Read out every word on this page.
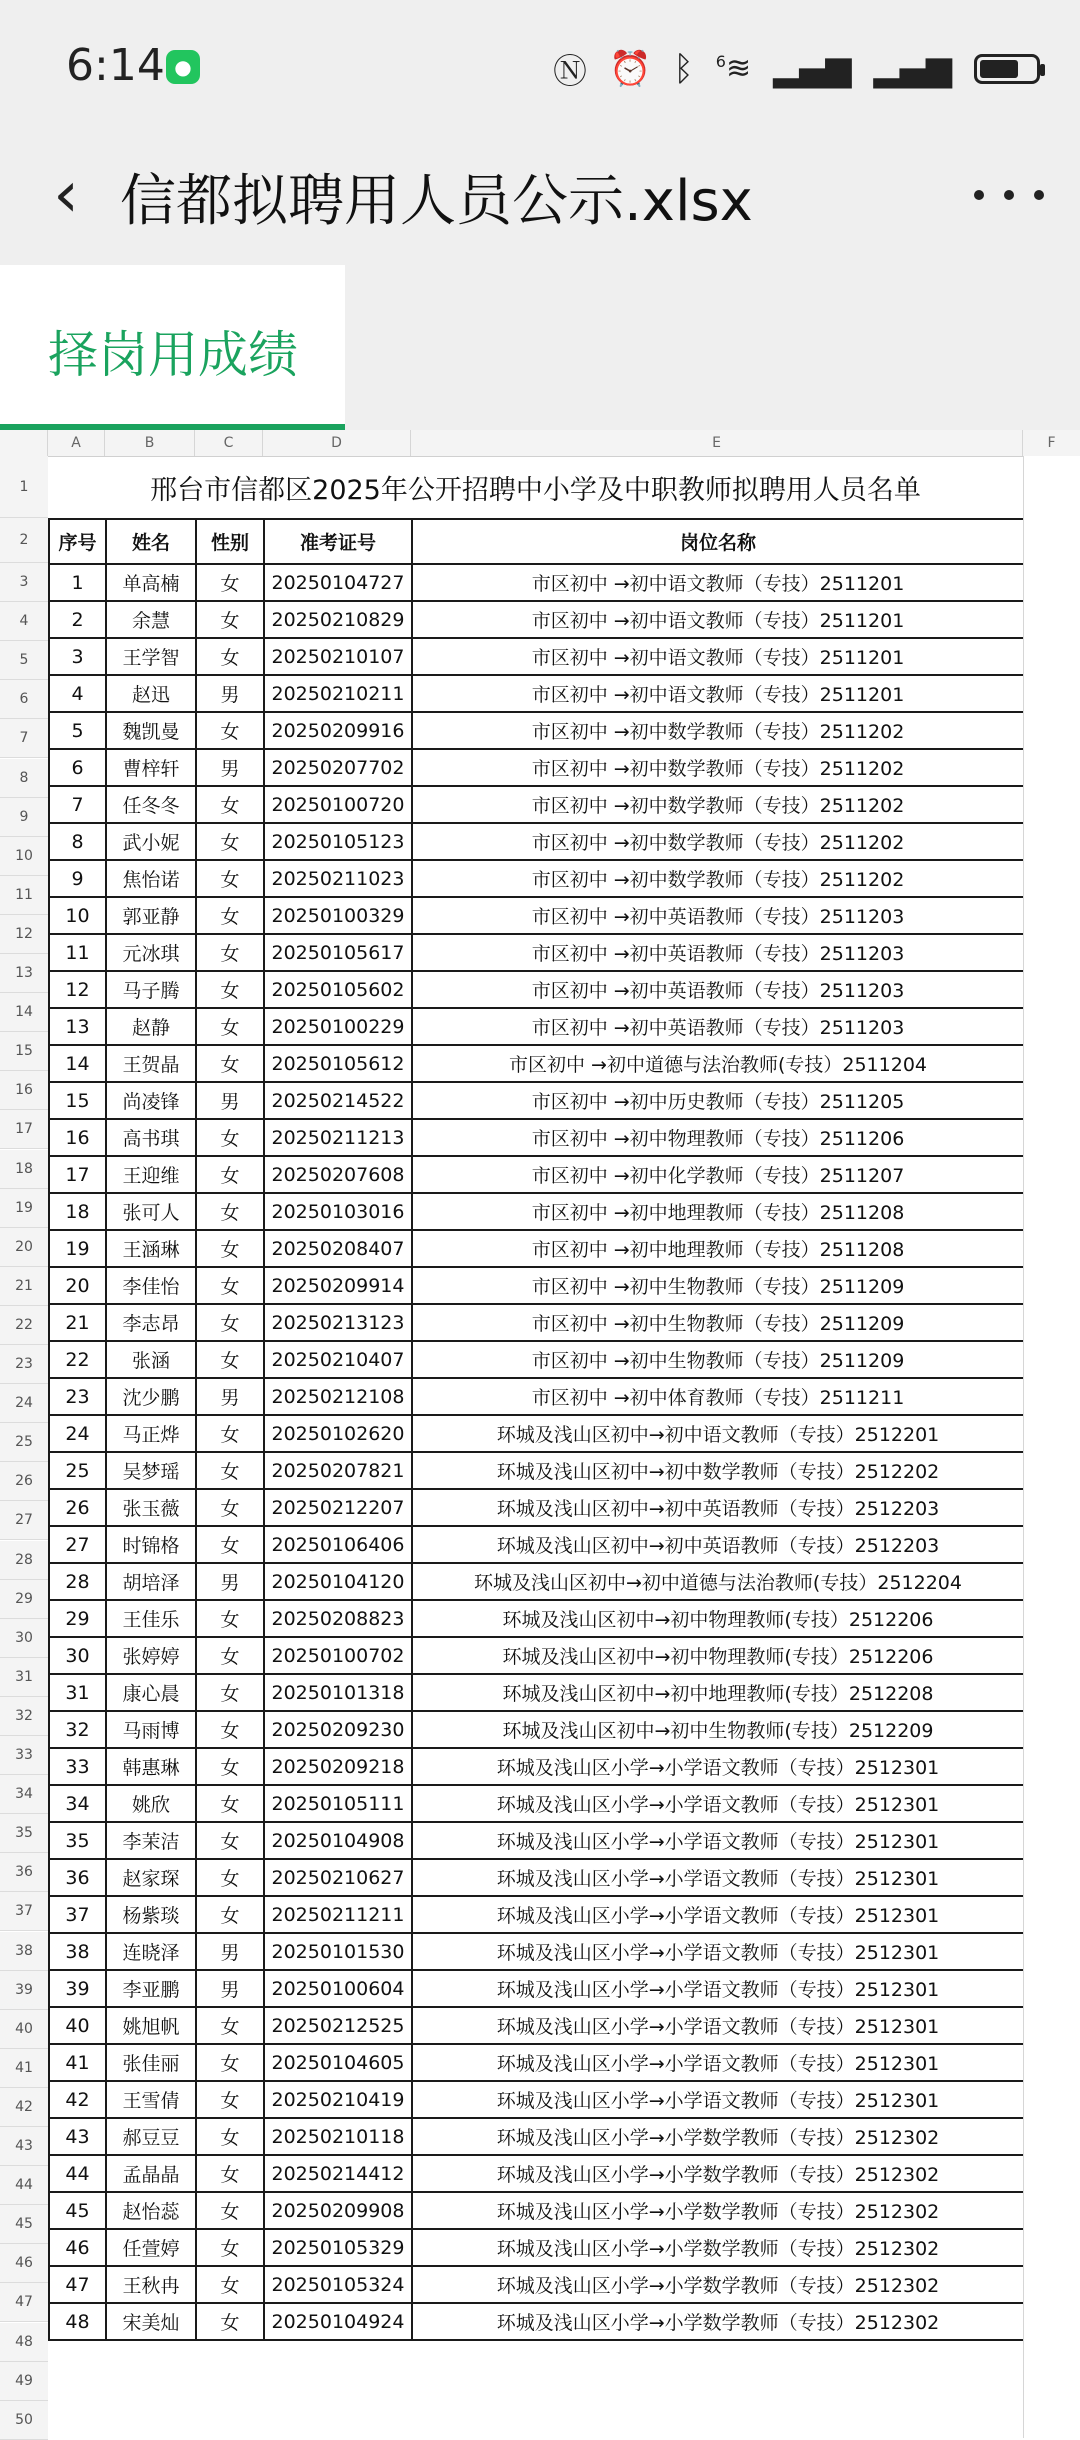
6:14 ●	Ⓝ ⏰ ᛒ $^6$≋ ▂▄▆ ▂▄▆
‹ 信都拟聘用人员公示.xlsx
择岗用成绩
A	B	C	D	E	F
1
2
3
4
5
6
7
8
9
10
11
12
13
14
15
16
17
18
19
20
21
22
23
24
25
26
27
28
29
30
31
32
33
34
35
36
37
38
39
40
41
42
43
44
45
46
47
48
49
50
邢台市信都区2025年公开招聘中小学及中职教师拟聘用人员名单
序号	姓名	性别	准考证号	岗位名称
1	单高楠	女	20250104727	市区初中 →初中语文教师（专技）2511201
2	余慧	女	20250210829	市区初中 →初中语文教师（专技）2511201
3	王学智	女	20250210107	市区初中 →初中语文教师（专技）2511201
4	赵迅	男	20250210211	市区初中 →初中语文教师（专技）2511201
5	魏凯曼	女	20250209916	市区初中 →初中数学教师（专技）2511202
6	曹梓轩	男	20250207702	市区初中 →初中数学教师（专技）2511202
7	任冬冬	女	20250100720	市区初中 →初中数学教师（专技）2511202
8	武小妮	女	20250105123	市区初中 →初中数学教师（专技）2511202
9	焦怡诺	女	20250211023	市区初中 →初中数学教师（专技）2511202
10	郭亚静	女	20250100329	市区初中 →初中英语教师（专技）2511203
11	元冰琪	女	20250105617	市区初中 →初中英语教师（专技）2511203
12	马子腾	女	20250105602	市区初中 →初中英语教师（专技）2511203
13	赵静	女	20250100229	市区初中 →初中英语教师（专技）2511203
14	王贺晶	女	20250105612	市区初中 →初中道德与法治教师(专技）2511204
15	尚凌锋	男	20250214522	市区初中 →初中历史教师（专技）2511205
16	高书琪	女	20250211213	市区初中 →初中物理教师（专技）2511206
17	王迎维	女	20250207608	市区初中 →初中化学教师（专技）2511207
18	张可人	女	20250103016	市区初中 →初中地理教师（专技）2511208
19	王涵琳	女	20250208407	市区初中 →初中地理教师（专技）2511208
20	李佳怡	女	20250209914	市区初中 →初中生物教师（专技）2511209
21	李志昂	女	20250213123	市区初中 →初中生物教师（专技）2511209
22	张涵	女	20250210407	市区初中 →初中生物教师（专技）2511209
23	沈少鹏	男	20250212108	市区初中 →初中体育教师（专技）2511211
24	马正烨	女	20250102620	环城及浅山区初中→初中语文教师（专技）2512201
25	吴梦瑶	女	20250207821	环城及浅山区初中→初中数学教师（专技）2512202
26	张玉薇	女	20250212207	环城及浅山区初中→初中英语教师（专技）2512203
27	时锦格	女	20250106406	环城及浅山区初中→初中英语教师（专技）2512203
28	胡培泽	男	20250104120	环城及浅山区初中→初中道德与法治教师(专技）2512204
29	王佳乐	女	20250208823	环城及浅山区初中→初中物理教师(专技）2512206
30	张婷婷	女	20250100702	环城及浅山区初中→初中物理教师(专技）2512206
31	康心晨	女	20250101318	环城及浅山区初中→初中地理教师(专技）2512208
32	马雨博	女	20250209230	环城及浅山区初中→初中生物教师(专技）2512209
33	韩惠琳	女	20250209218	环城及浅山区小学→小学语文教师（专技）2512301
34	姚欣	女	20250105111	环城及浅山区小学→小学语文教师（专技）2512301
35	李茉洁	女	20250104908	环城及浅山区小学→小学语文教师（专技）2512301
36	赵家琛	女	20250210627	环城及浅山区小学→小学语文教师（专技）2512301
37	杨紫琰	女	20250211211	环城及浅山区小学→小学语文教师（专技）2512301
38	连晓泽	男	20250101530	环城及浅山区小学→小学语文教师（专技）2512301
39	李亚鹏	男	20250100604	环城及浅山区小学→小学语文教师（专技）2512301
40	姚旭帆	女	20250212525	环城及浅山区小学→小学语文教师（专技）2512301
41	张佳丽	女	20250104605	环城及浅山区小学→小学语文教师（专技）2512301
42	王雪倩	女	20250210419	环城及浅山区小学→小学语文教师（专技）2512301
43	郝豆豆	女	20250210118	环城及浅山区小学→小学数学教师（专技）2512302
44	孟晶晶	女	20250214412	环城及浅山区小学→小学数学教师（专技）2512302
45	赵怡蕊	女	20250209908	环城及浅山区小学→小学数学教师（专技）2512302
46	任萱婷	女	20250105329	环城及浅山区小学→小学数学教师（专技）2512302
47	王秋冉	女	20250105324	环城及浅山区小学→小学数学教师（专技）2512302
48	宋美灿	女	20250104924	环城及浅山区小学→小学数学教师（专技）2512302
